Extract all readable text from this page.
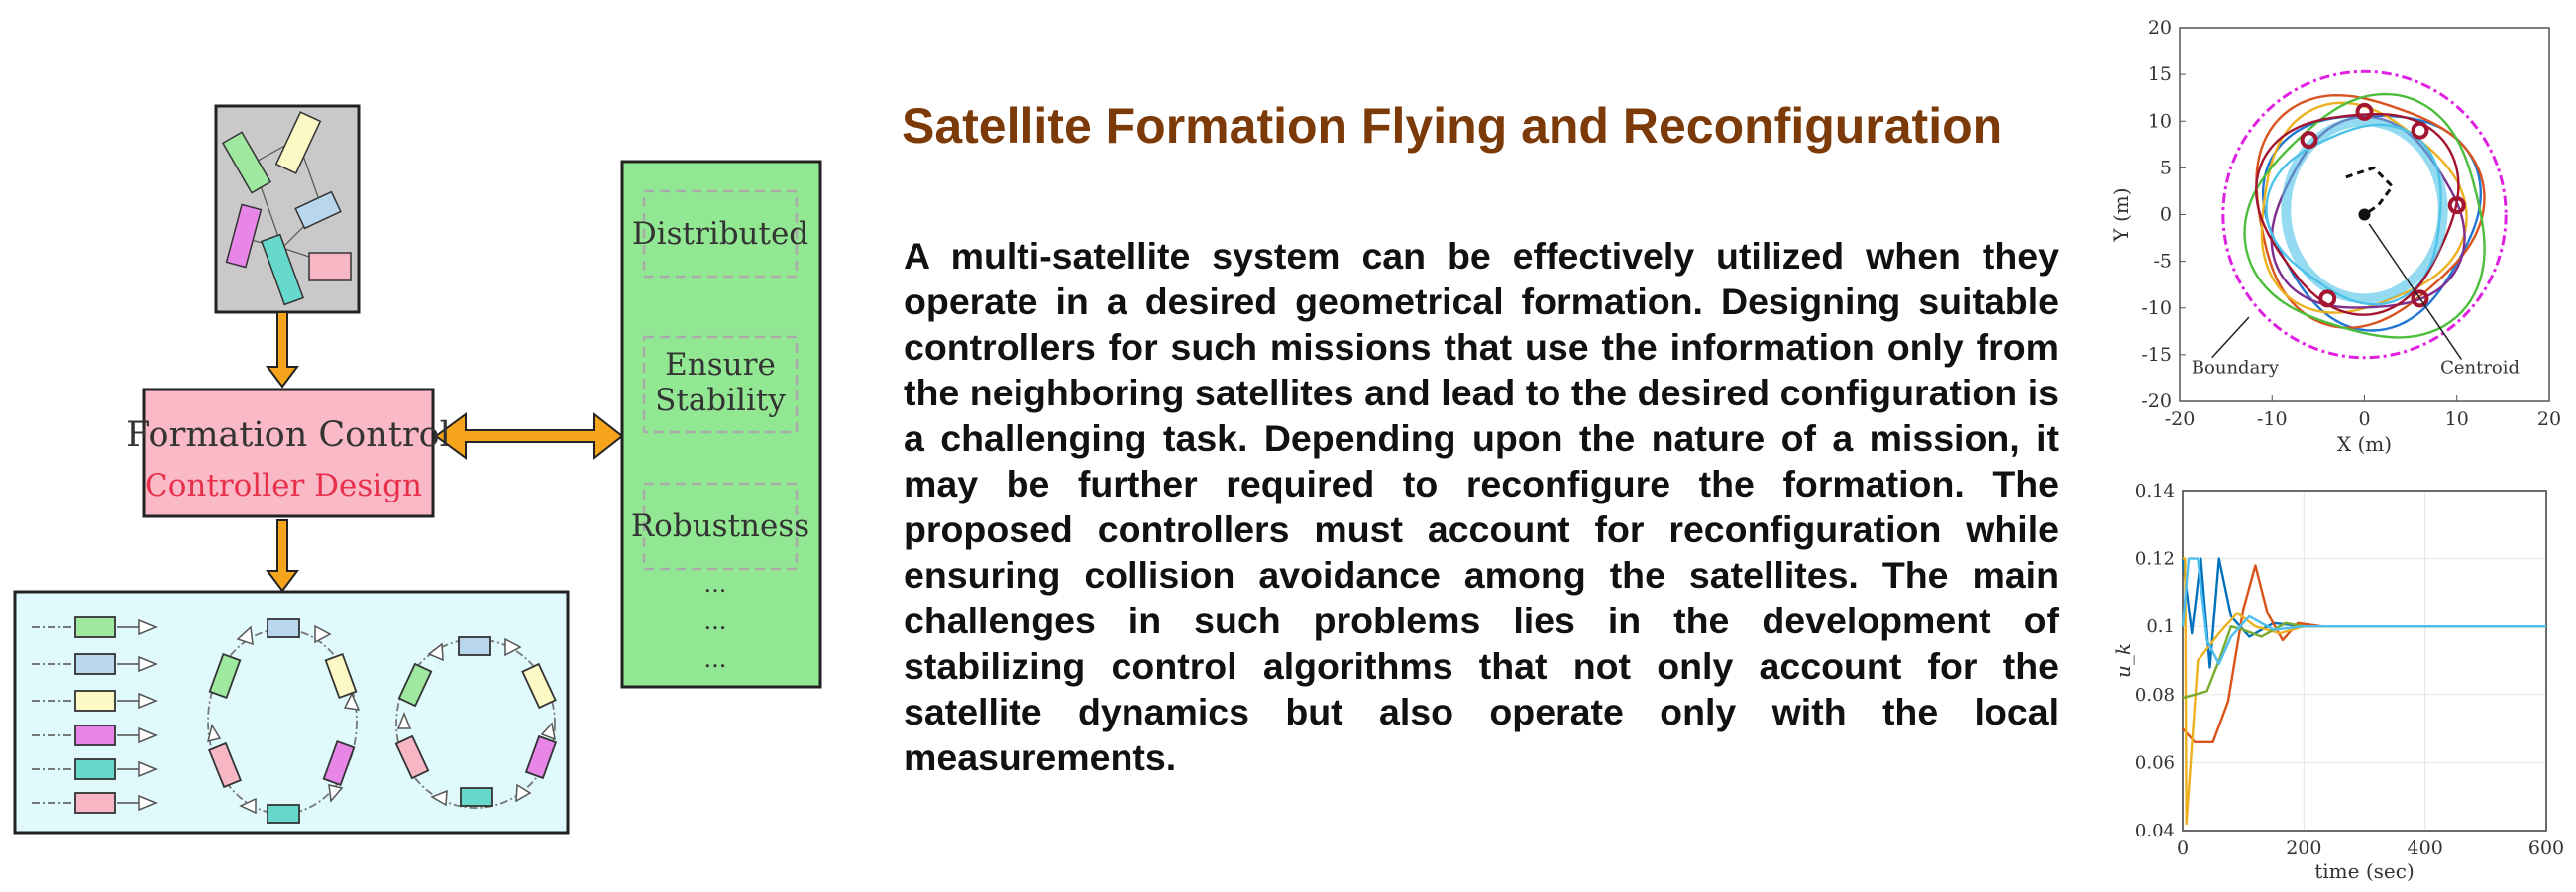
Formation Control
Controller Design
Distributed
Ensure Stability
Robustness
...
...
...
Satellite Formation Flying and Reconfiguration

A multi-satellite system can be effectively utilized when they operate in a desired geometrical formation. Designing suitable controllers for such missions that use the information only from the neighboring satellites and lead to the desired configuration is a challenging task. Depending upon the nature of a mission, it may be further required to reconfigure the formation. The proposed controllers must account for reconfiguration while ensuring collision avoidance among the satellites. The main challenges in such problems lies in the development of stabilizing control algorithms that not only account for the satellite dynamics but also operate only with the local measurements.

-20	-10	0	10	20
-20
-15
-10
-5
0
5
10
15
20
X (m)
Y (m)
Boundary	Centroid
0	200	400	600
0.04
0.06
0.08
0.1
0.12
0.14
time (sec)
u_k
